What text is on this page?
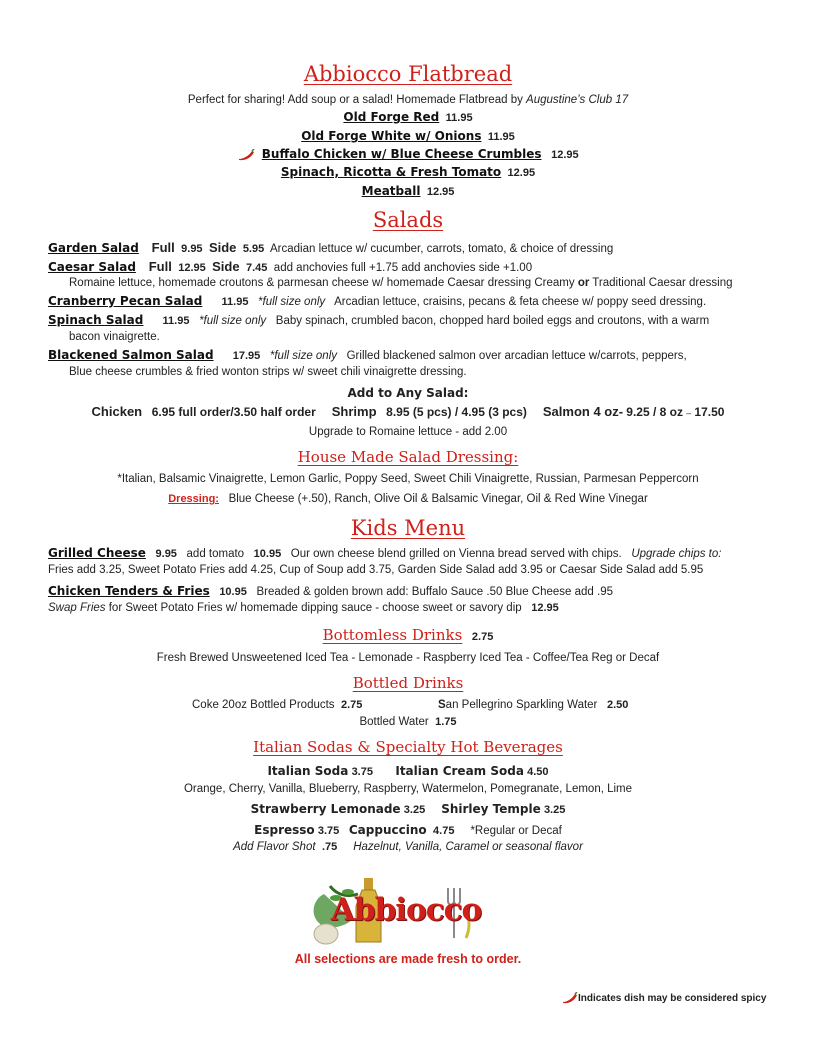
Abbiocco Flatbread
Perfect for sharing! Add soup or a salad! Homemade Flatbread by Augustine’s Club 17
Old Forge Red 11.95
Old Forge White w/ Onions 11.95
Buffalo Chicken w/ Blue Cheese Crumbles 12.95
Spinach, Ricotta & Fresh Tomato 12.95
Meatball 12.95
Salads
Garden Salad Full 9.95 Side 5.95 Arcadian lettuce w/ cucumber, carrots, tomato, & choice of dressing
Caesar Salad Full 12.95 Side 7.45 add anchovies full +1.75 add anchovies side +1.00
Romaine lettuce, homemade croutons & parmesan cheese w/ homemade Caesar dressing Creamy or Traditional Caesar dressing
Cranberry Pecan Salad 11.95 *full size only Arcadian lettuce, craisins, pecans & feta cheese w/ poppy seed dressing.
Spinach Salad 11.95 *full size only Baby spinach, crumbled bacon, chopped hard boiled eggs and croutons, with a warm
bacon vinaigrette.
Blackened Salmon Salad 17.95 *full size only Grilled blackened salmon over arcadian lettuce w/carrots, peppers,
Blue cheese crumbles & fried wonton strips w/ sweet chili vinaigrette dressing.
Add to Any Salad:
Chicken 6.95 full order/3.50 half order Shrimp 8.95 (5 pcs) / 4.95 (3 pcs) Salmon 4 oz- 9.25 / 8 oz – 17.50
Upgrade to Romaine lettuce - add 2.00
House Made Salad Dressing:
*Italian, Balsamic Vinaigrette, Lemon Garlic, Poppy Seed, Sweet Chili Vinaigrette, Russian, Parmesan Peppercorn
Dressing: Blue Cheese (+.50), Ranch, Olive Oil & Balsamic Vinegar, Oil & Red Wine Vinegar
Kids Menu
Grilled Cheese 9.95 add tomato 10.95 Our own cheese blend grilled on Vienna bread served with chips. Upgrade chips to:
Fries add 3.25, Sweet Potato Fries add 4.25, Cup of Soup add 3.75, Garden Side Salad add 3.95 or Caesar Side Salad add 5.95
Chicken Tenders & Fries 10.95 Breaded & golden brown add: Buffalo Sauce .50 Blue Cheese add .95
Swap Fries for Sweet Potato Fries w/ homemade dipping sauce - choose sweet or savory dip 12.95
Bottomless Drinks 2.75
Fresh Brewed Unsweetened Iced Tea - Lemonade - Raspberry Iced Tea - Coffee/Tea Reg or Decaf
Bottled Drinks
Coke 20oz Bottled Products 2.75	San Pellegrino Sparkling Water 2.50
Bottled Water 1.75
Italian Sodas & Specialty Hot Beverages
Italian Soda 3.75 Italian Cream Soda 4.50
Orange, Cherry, Vanilla, Blueberry, Raspberry, Watermelon, Pomegranate, Lemon, Lime
Strawberry Lemonade 3.25 Shirley Temple 3.25
Espresso 3.75 Cappuccino 4.75 *Regular or Decaf
Add Flavor Shot .75 Hazelnut, Vanilla, Caramel or seasonal flavor
Abbiocco
All selections are made fresh to order.
Indicates dish may be considered spicy
